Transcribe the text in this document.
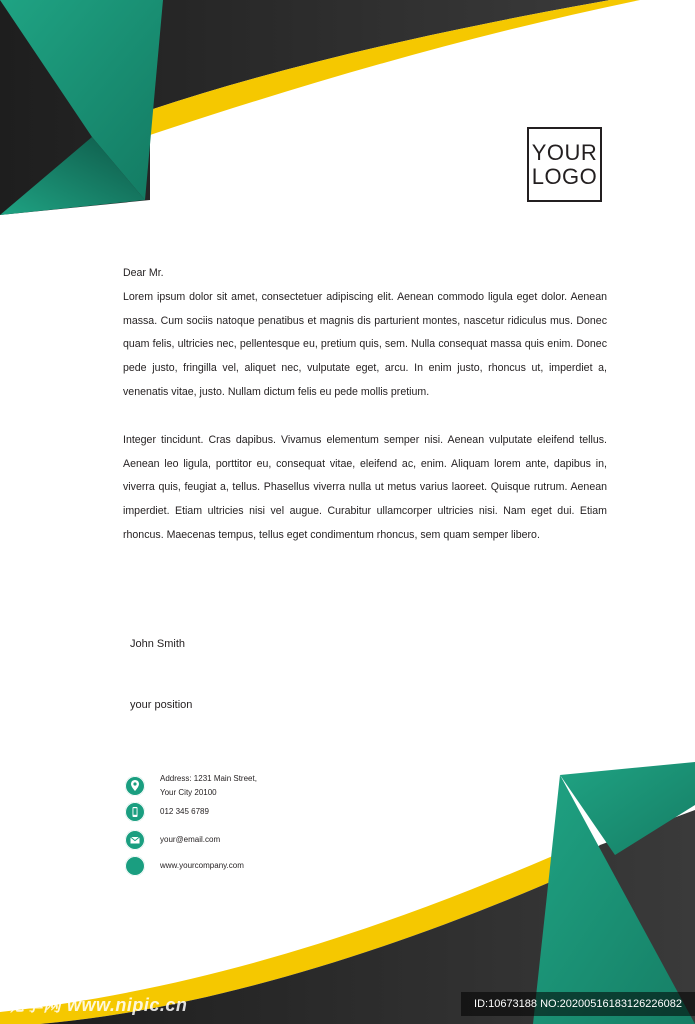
YOUR
LOGO

Dear Mr.

Lorem ipsum dolor sit amet, consectetuer adipiscing elit. Aenean commodo ligula eget dolor. Aenean massa. Cum sociis natoque penatibus et magnis dis parturient montes, nascetur ridiculus mus. Donec quam felis, ultricies nec, pellentesque eu, pretium quis, sem. Nulla consequat massa quis enim. Donec pede justo, fringilla vel, aliquet nec, vulputate eget, arcu. In enim justo, rhoncus ut, imperdiet a, venenatis vitae, justo. Nullam dictum felis eu pede mollis pretium.

Integer tincidunt. Cras dapibus. Vivamus elementum semper nisi. Aenean vulputate eleifend tellus. Aenean leo ligula, porttitor eu, consequat vitae, eleifend ac, enim. Aliquam lorem ante, dapibus in, viverra quis, feugiat a, tellus. Phasellus viverra nulla ut metus varius laoreet. Quisque rutrum. Aenean imperdiet. Etiam ultricies nisi vel augue. Curabitur ullamcorper ultricies nisi. Nam eget dui. Etiam rhoncus. Maecenas tempus, tellus eget condimentum rhoncus, sem quam semper libero.

John Smith
your position
Address: 1231 Main Street,
Your City 20100
012 345 6789
your@email.com
www.yourcompany.com
昵享网 www.nipic.cn	ID:10673188 NO:20200516183126226082
